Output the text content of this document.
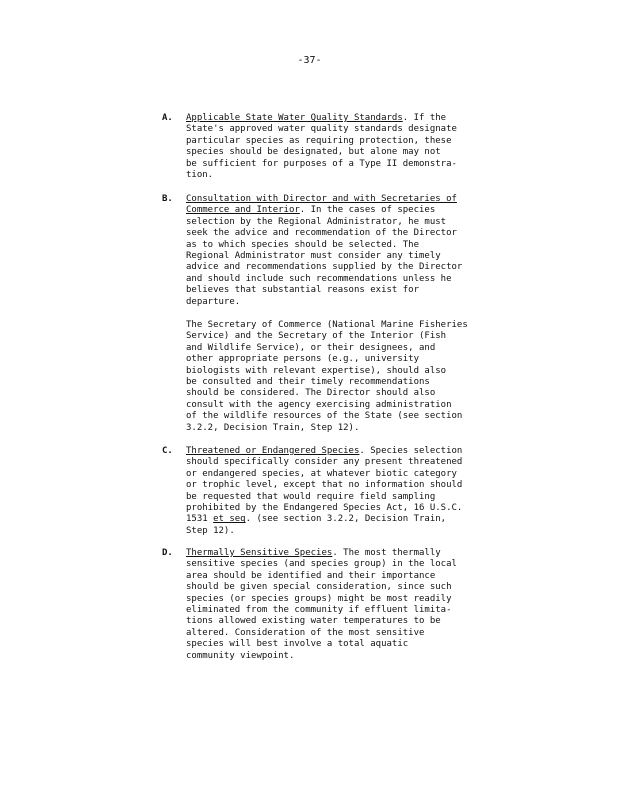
-37-
A. Applicable State Water Quality Standards. If the
State's approved water quality standards designate
particular species as requiring protection, these
species should be designated, but alone may not
be sufficient for purposes of a Type II demonstra-
tion.
B. Consultation with Director and with Secretaries of
Commerce and Interior. In the cases of species
selection by the Regional Administrator, he must
seek the advice and recommendation of the Director
as to which species should be selected. The
Regional Administrator must consider any timely
advice and recommendations supplied by the Director
and should include such recommendations unless he
believes that substantial reasons exist for
departure.
The Secretary of Commerce (National Marine Fisheries
Service) and the Secretary of the Interior (Fish
and Wildlife Service), or their designees, and
other appropriate persons (e.g., university
biologists with relevant expertise), should also
be consulted and their timely recommendations
should be considered. The Director should also
consult with the agency exercising administration
of the wildlife resources of the State (see section
3.2.2, Decision Train, Step 12).
C. Threatened or Endangered Species. Species selection
should specifically consider any present threatened
or endangered species, at whatever biotic category
or trophic level, except that no information should
be requested that would require field sampling
prohibited by the Endangered Species Act, 16 U.S.C.
1531 et seq. (see section 3.2.2, Decision Train,
Step 12).
D. Thermally Sensitive Species. The most thermally
sensitive species (and species group) in the local
area should be identified and their importance
should be given special consideration, since such
species (or species groups) might be most readily
eliminated from the community if effluent limita-
tions allowed existing water temperatures to be
altered. Consideration of the most sensitive
species will best involve a total aquatic
community viewpoint.
